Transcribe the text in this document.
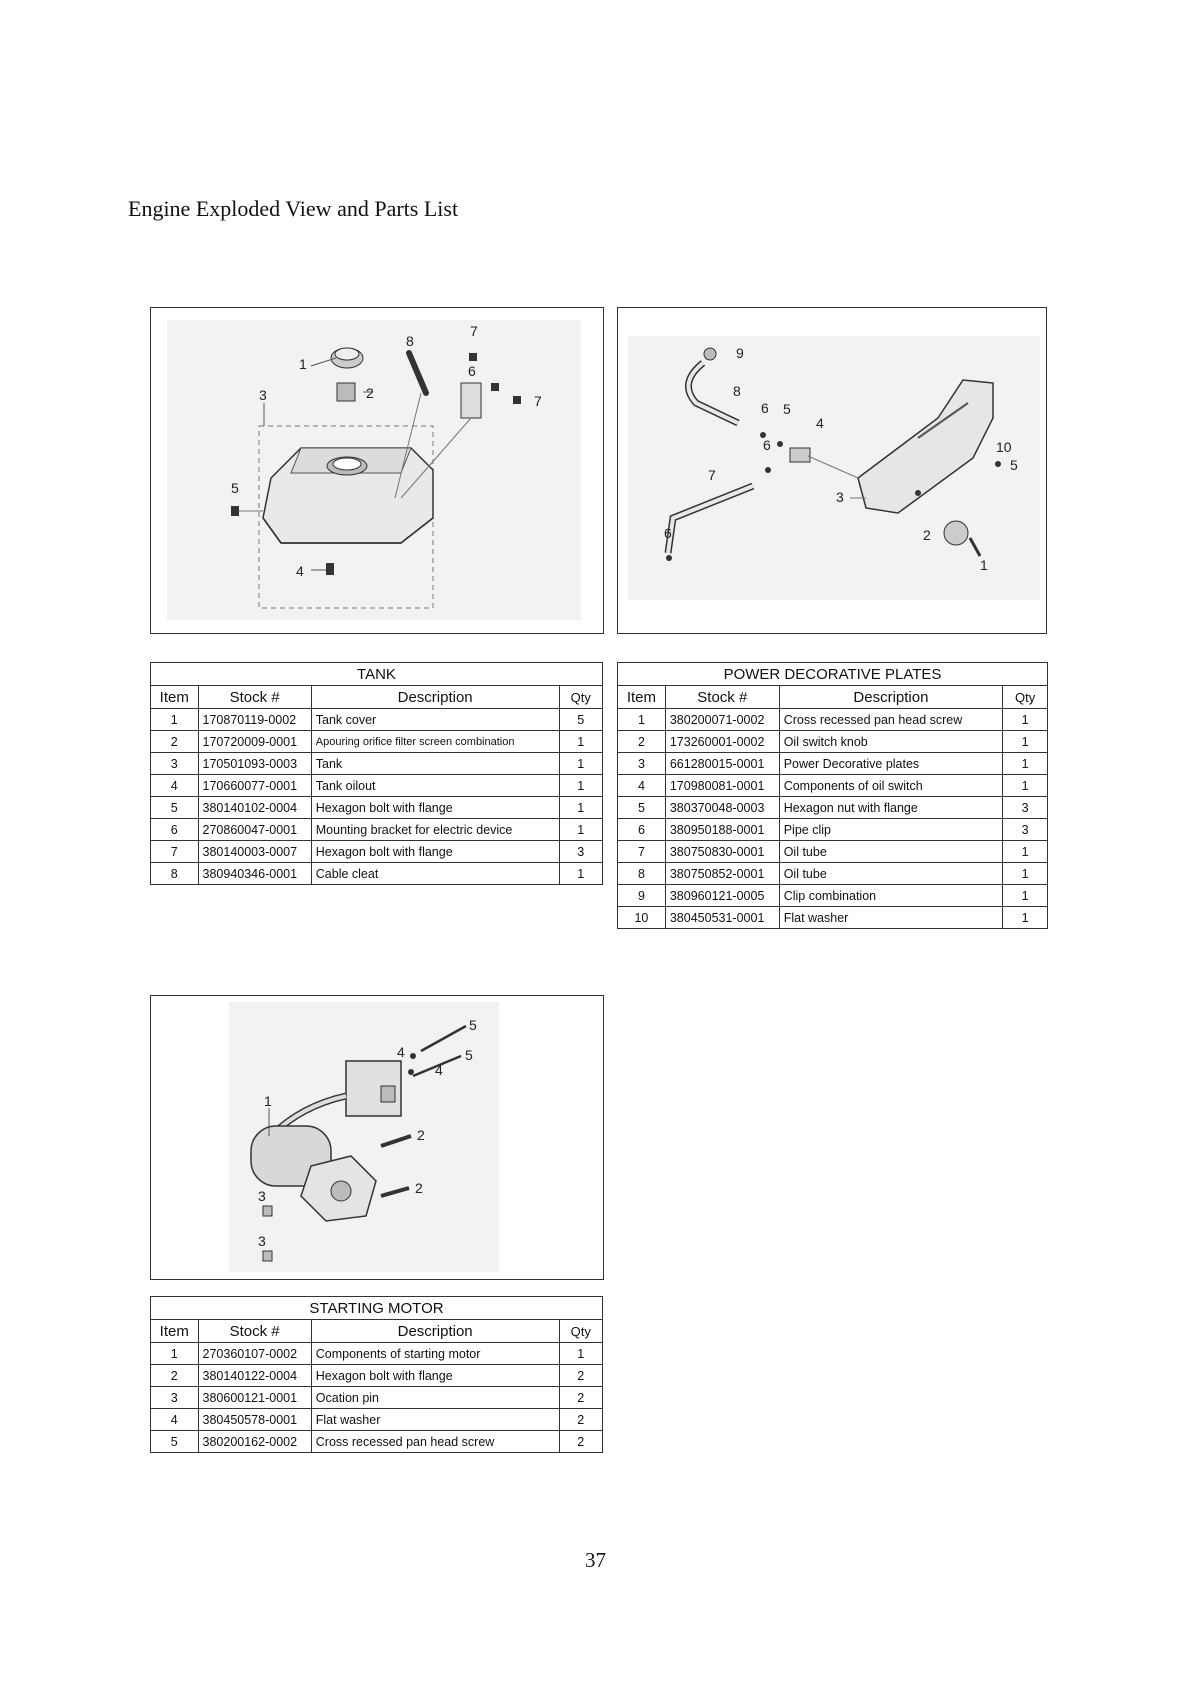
Engine Exploded View and Parts List
1
2
3
4
5
6
7
7
8
1
2
3
4
5
5
6
6
6
7
8
9
10
TANK			
Item	Stock #	Description	Qty
1	170870119-0002	Tank cover	5
2	170720009-0001	Apouring orifice filter screen combination	1
3	170501093-0003	Tank	1
4	170660077-0001	Tank oilout	1
5	380140102-0004	Hexagon bolt with flange	1
6	270860047-0001	Mounting bracket for electric device	1
7	380140003-0007	Hexagon bolt with flange	3
8	380940346-0001	Cable cleat	1
POWER DECORATIVE PLATES			
Item	Stock #	Description	Qty
1	380200071-0002	Cross recessed pan head screw	1
2	173260001-0002	Oil switch knob	1
3	661280015-0001	Power Decorative plates	1
4	170980081-0001	Components of oil switch	1
5	380370048-0003	Hexagon nut with flange	3
6	380950188-0001	Pipe clip	3
7	380750830-0001	Oil tube	1
8	380750852-0001	Oil tube	1
9	380960121-0005	Clip combination	1
10	380450531-0001	Flat washer	1
1
2
2
3
3
4
4
5
5
STARTING MOTOR			
Item	Stock #	Description	Qty
1	270360107-0002	Components of starting motor	1
2	380140122-0004	Hexagon bolt with flange	2
3	380600121-0001	Ocation pin	2
4	380450578-0001	Flat washer	2
5	380200162-0002	Cross recessed pan head screw	2
37
